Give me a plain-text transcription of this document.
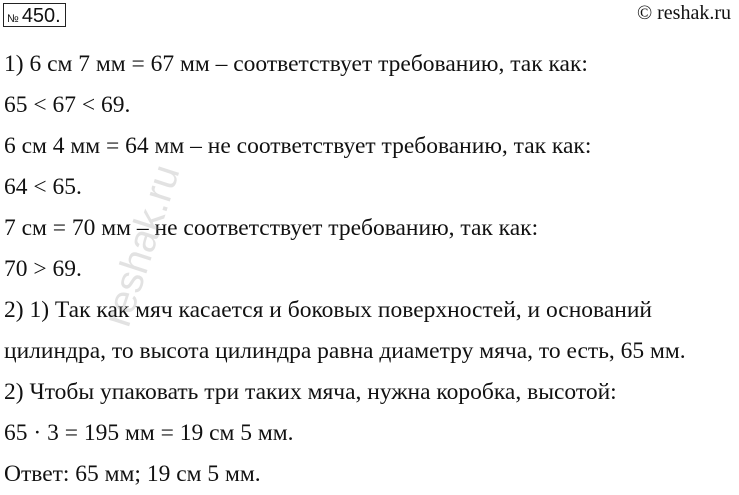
№ 450.	© reshak.ru
1) 6 см 7 мм = 67 мм – соответствует требованию, так как:
65 < 67 < 69.
6 см 4 мм = 64 мм – не соответствует требованию, так как:
64 < 65.
7 см = 70 мм – не соответствует требованию, так как:
70 > 69.
2) 1) Так как мяч касается и боковых поверхностей, и оснований
цилиндра, то высота цилиндра равна диаметру мяча, то есть, 65 мм.
2) Чтобы упаковать три таких мяча, нужна коробка, высотой:
65 · 3 = 195 мм = 19 см 5 мм.
Ответ: 65 мм; 19 см 5 мм.
reshak.ru
